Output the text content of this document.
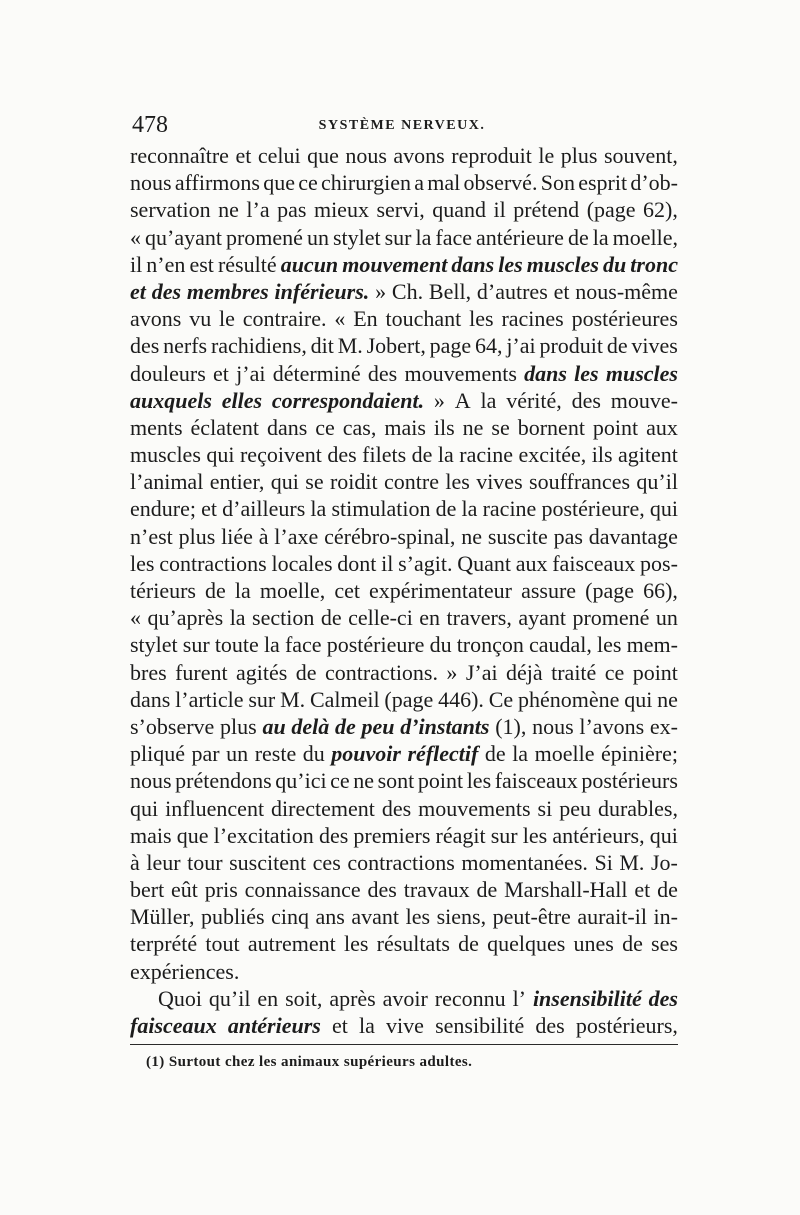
478	SYSTÈME NERVEUX.
reconnaître et celui que nous avons reproduit le plus souvent,
nous affirmons que ce chirurgien a mal observé. Son esprit d’ob-
servation ne l’a pas mieux servi, quand il prétend (page 62),
« qu’ayant promené un stylet sur la face antérieure de la moelle,
il n’en est résulté aucun mouvement dans les muscles du tronc
et des membres inférieurs. » Ch. Bell, d’autres et nous-même
avons vu le contraire. « En touchant les racines postérieures
des nerfs rachidiens, dit M. Jobert, page 64, j’ai produit de vives
douleurs et j’ai déterminé des mouvements dans les muscles
auxquels elles correspondaient. » A la vérité, des mouve-
ments éclatent dans ce cas, mais ils ne se bornent point aux
muscles qui reçoivent des filets de la racine excitée, ils agitent
l’animal entier, qui se roidit contre les vives souffrances qu’il
endure; et d’ailleurs la stimulation de la racine postérieure, qui
n’est plus liée à l’axe cérébro-spinal, ne suscite pas davantage
les contractions locales dont il s’agit. Quant aux faisceaux pos-
térieurs de la moelle, cet expérimentateur assure (page 66),
« qu’après la section de celle-ci en travers, ayant promené un
stylet sur toute la face postérieure du tronçon caudal, les mem-
bres furent agités de contractions. » J’ai déjà traité ce point
dans l’article sur M. Calmeil (page 446). Ce phénomène qui ne
s’observe plus au delà de peu d’instants (1), nous l’avons ex-
pliqué par un reste du pouvoir réflectif de la moelle épinière;
nous prétendons qu’ici ce ne sont point les faisceaux postérieurs
qui influencent directement des mouvements si peu durables,
mais que l’excitation des premiers réagit sur les antérieurs, qui
à leur tour suscitent ces contractions momentanées. Si M. Jo-
bert eût pris connaissance des travaux de Marshall-Hall et de
Müller, publiés cinq ans avant les siens, peut-être aurait-il in-
terprété tout autrement les résultats de quelques unes de ses
expériences.
Quoi qu’il en soit, après avoir reconnu l’ insensibilité des
faisceaux antérieurs et la vive sensibilité des postérieurs,
(1) Surtout chez les animaux supérieurs adultes.
